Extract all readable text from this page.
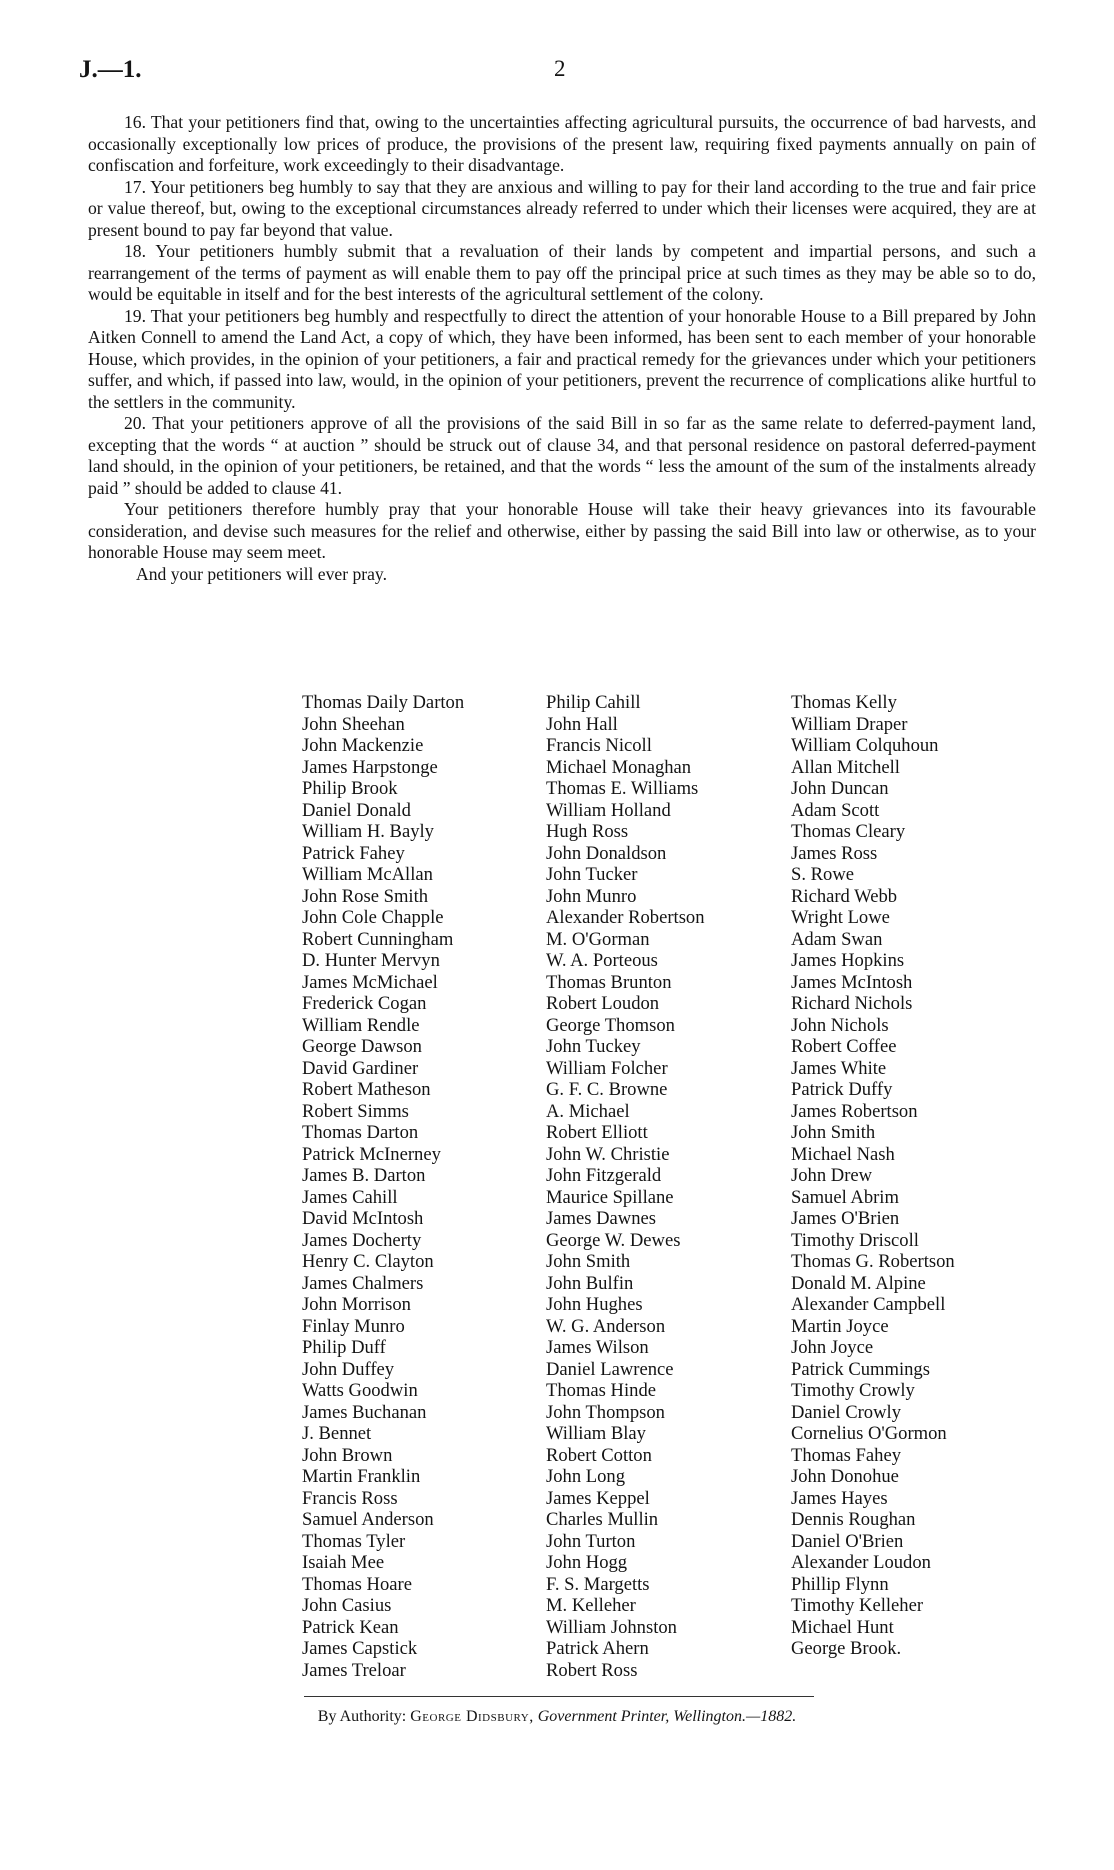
J.—1.	2

16. That your petitioners find that, owing to the uncertainties affecting agricultural pursuits, the occurrence of bad harvests, and occasionally exceptionally low prices of produce, the provisions of the present law, requiring fixed payments annually on pain of confiscation and forfeiture, work exceedingly to their disadvantage.

17. Your petitioners beg humbly to say that they are anxious and willing to pay for their land according to the true and fair price or value thereof, but, owing to the exceptional circumstances already referred to under which their licenses were acquired, they are at present bound to pay far beyond that value.

18. Your petitioners humbly submit that a revaluation of their lands by competent and impartial persons, and such a rearrangement of the terms of payment as will enable them to pay off the principal price at such times as they may be able so to do, would be equitable in itself and for the best interests of the agricultural settlement of the colony.

19. That your petitioners beg humbly and respectfully to direct the attention of your honorable House to a Bill prepared by John Aitken Connell to amend the Land Act, a copy of which, they have been informed, has been sent to each member of your honorable House, which provides, in the opinion of your petitioners, a fair and practical remedy for the grievances under which your petitioners suffer, and which, if passed into law, would, in the opinion of your petitioners, prevent the recurrence of complications alike hurtful to the settlers in the community.

20. That your petitioners approve of all the provisions of the said Bill in so far as the same relate to deferred-payment land, excepting that the words “ at auction ” should be struck out of clause 34, and that personal residence on pastoral deferred-payment land should, in the opinion of your petitioners, be retained, and that the words “ less the amount of the sum of the instalments already paid ” should be added to clause 41.

Your petitioners therefore humbly pray that your honorable House will take their heavy grievances into its favourable consideration, and devise such measures for the relief and otherwise, either by passing the said Bill into law or otherwise, as to your honorable House may seem meet.

And your petitioners will ever pray.

Thomas Daily Darton
John Sheehan
John Mackenzie
James Harpstonge
Philip Brook
Daniel Donald
William H. Bayly
Patrick Fahey
William McAllan
John Rose Smith
John Cole Chapple
Robert Cunningham
D. Hunter Mervyn
James McMichael
Frederick Cogan
William Rendle
George Dawson
David Gardiner
Robert Matheson
Robert Simms
Thomas Darton
Patrick McInerney
James B. Darton
James Cahill
David McIntosh
James Docherty
Henry C. Clayton
James Chalmers
John Morrison
Finlay Munro
Philip Duff
John Duffey
Watts Goodwin
James Buchanan
J. Bennet
John Brown
Martin Franklin
Francis Ross
Samuel Anderson
Thomas Tyler
Isaiah Mee
Thomas Hoare
John Casius
Patrick Kean
James Capstick
James Treloar
Philip Cahill
John Hall
Francis Nicoll
Michael Monaghan
Thomas E. Williams
William Holland
Hugh Ross
John Donaldson
John Tucker
John Munro
Alexander Robertson
M. O'Gorman
W. A. Porteous
Thomas Brunton
Robert Loudon
George Thomson
John Tuckey
William Folcher
G. F. C. Browne
A. Michael
Robert Elliott
John W. Christie
John Fitzgerald
Maurice Spillane
James Dawnes
George W. Dewes
John Smith
John Bulfin
John Hughes
W. G. Anderson
James Wilson
Daniel Lawrence
Thomas Hinde
John Thompson
William Blay
Robert Cotton
John Long
James Keppel
Charles Mullin
John Turton
John Hogg
F. S. Margetts
M. Kelleher
William Johnston
Patrick Ahern
Robert Ross
Thomas Kelly
William Draper
William Colquhoun
Allan Mitchell
John Duncan
Adam Scott
Thomas Cleary
James Ross
S. Rowe
Richard Webb
Wright Lowe
Adam Swan
James Hopkins
James McIntosh
Richard Nichols
John Nichols
Robert Coffee
James White
Patrick Duffy
James Robertson
John Smith
Michael Nash
John Drew
Samuel Abrim
James O'Brien
Timothy Driscoll
Thomas G. Robertson
Donald M. Alpine
Alexander Campbell
Martin Joyce
John Joyce
Patrick Cummings
Timothy Crowly
Daniel Crowly
Cornelius O'Gormon
Thomas Fahey
John Donohue
James Hayes
Dennis Roughan
Daniel O'Brien
Alexander Loudon
Phillip Flynn
Timothy Kelleher
Michael Hunt
George Brook.
By Authority: George Didsbury, Government Printer, Wellington.—1882.
